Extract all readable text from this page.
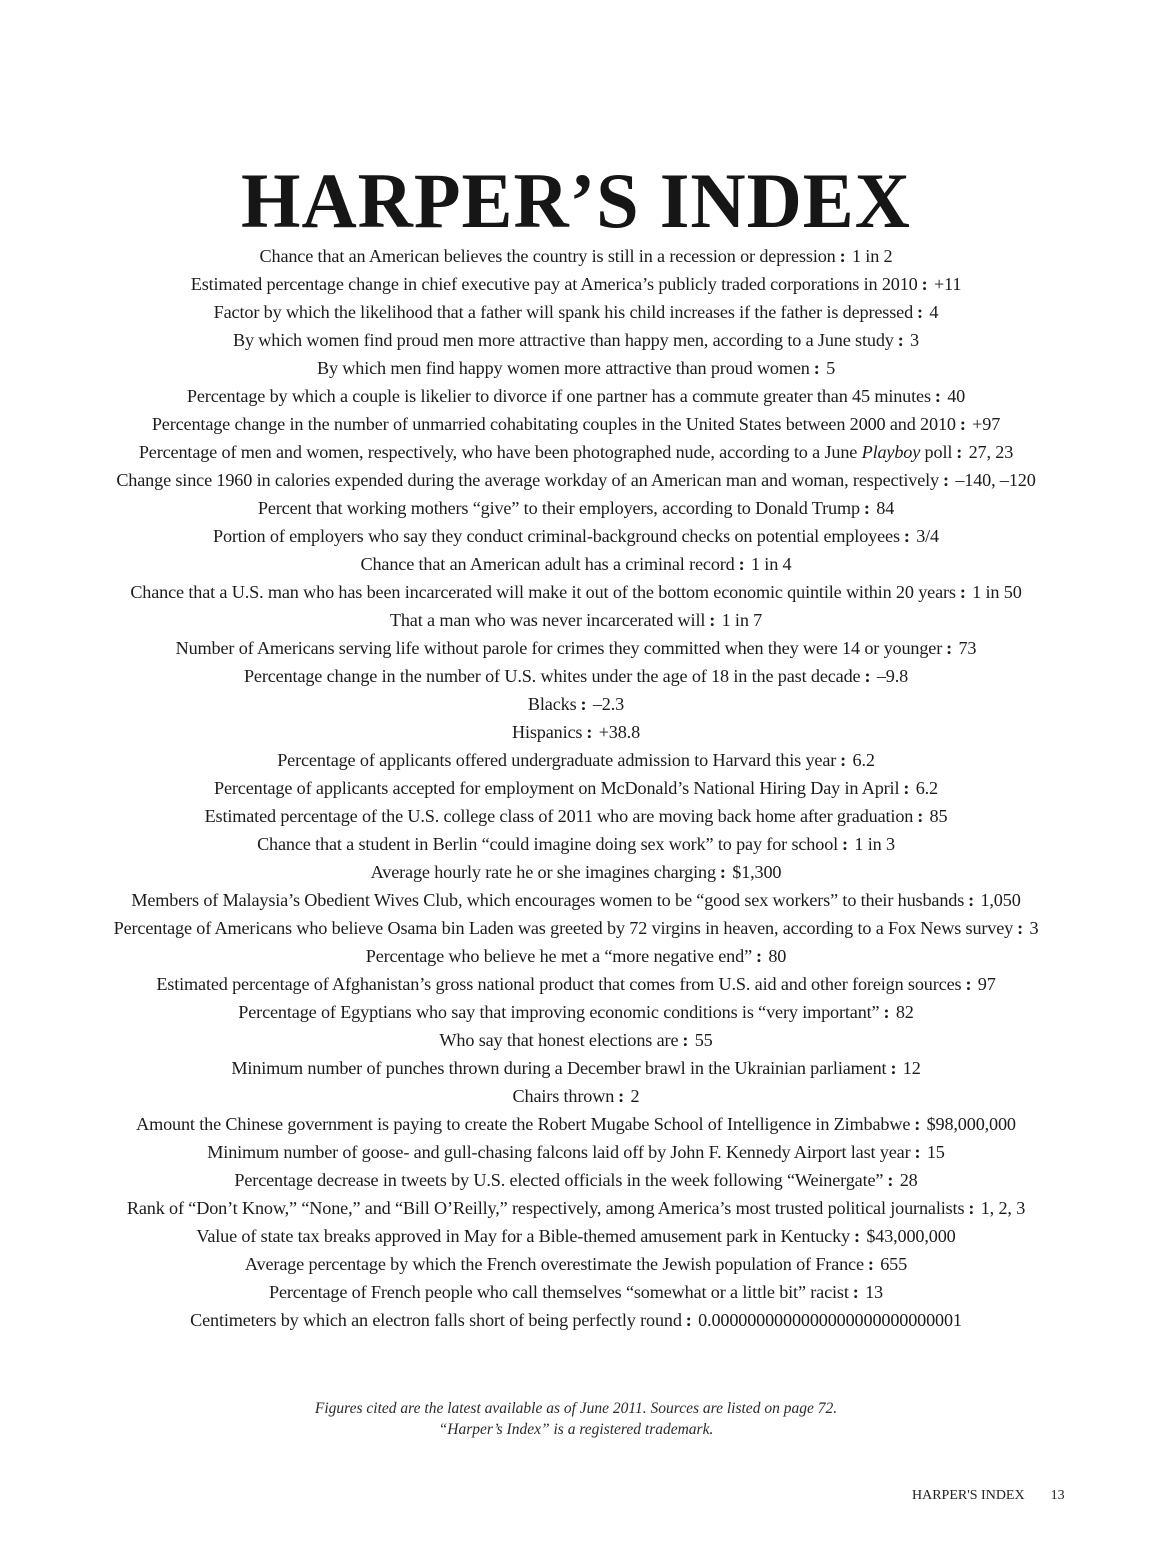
HARPER’S INDEX
Chance that an American believes the country is still in a recession or depression : 1 in 2
Estimated percentage change in chief executive pay at America’s publicly traded corporations in 2010 : +11
Factor by which the likelihood that a father will spank his child increases if the father is depressed : 4
By which women find proud men more attractive than happy men, according to a June study : 3
By which men find happy women more attractive than proud women : 5
Percentage by which a couple is likelier to divorce if one partner has a commute greater than 45 minutes : 40
Percentage change in the number of unmarried cohabitating couples in the United States between 2000 and 2010 : +97
Percentage of men and women, respectively, who have been photographed nude, according to a June Playboy poll : 27, 23
Change since 1960 in calories expended during the average workday of an American man and woman, respectively : –140, –120
Percent that working mothers “give” to their employers, according to Donald Trump : 84
Portion of employers who say they conduct criminal-background checks on potential employees : 3/4
Chance that an American adult has a criminal record : 1 in 4
Chance that a U.S. man who has been incarcerated will make it out of the bottom economic quintile within 20 years : 1 in 50
That a man who was never incarcerated will : 1 in 7
Number of Americans serving life without parole for crimes they committed when they were 14 or younger : 73
Percentage change in the number of U.S. whites under the age of 18 in the past decade : –9.8
Blacks : –2.3
Hispanics : +38.8
Percentage of applicants offered undergraduate admission to Harvard this year : 6.2
Percentage of applicants accepted for employment on McDonald’s National Hiring Day in April : 6.2
Estimated percentage of the U.S. college class of 2011 who are moving back home after graduation : 85
Chance that a student in Berlin “could imagine doing sex work” to pay for school : 1 in 3
Average hourly rate he or she imagines charging : $1,300
Members of Malaysia’s Obedient Wives Club, which encourages women to be “good sex workers” to their husbands : 1,050
Percentage of Americans who believe Osama bin Laden was greeted by 72 virgins in heaven, according to a Fox News survey : 3
Percentage who believe he met a “more negative end” : 80
Estimated percentage of Afghanistan’s gross national product that comes from U.S. aid and other foreign sources : 97
Percentage of Egyptians who say that improving economic conditions is “very important” : 82
Who say that honest elections are : 55
Minimum number of punches thrown during a December brawl in the Ukrainian parliament : 12
Chairs thrown : 2
Amount the Chinese government is paying to create the Robert Mugabe School of Intelligence in Zimbabwe : $98,000,000
Minimum number of goose- and gull-chasing falcons laid off by John F. Kennedy Airport last year : 15
Percentage decrease in tweets by U.S. elected officials in the week following “Weinergate” : 28
Rank of “Don’t Know,” “None,” and “Bill O’Reilly,” respectively, among America’s most trusted political journalists : 1, 2, 3
Value of state tax breaks approved in May for a Bible-themed amusement park in Kentucky : $43,000,000
Average percentage by which the French overestimate the Jewish population of France : 655
Percentage of French people who call themselves “somewhat or a little bit” racist : 13
Centimeters by which an electron falls short of being perfectly round : 0.0000000000000000000000000001
Figures cited are the latest available as of June 2011. Sources are listed on page 72.
“Harper’s Index” is a registered trademark.
HARPER'S INDEX 13
